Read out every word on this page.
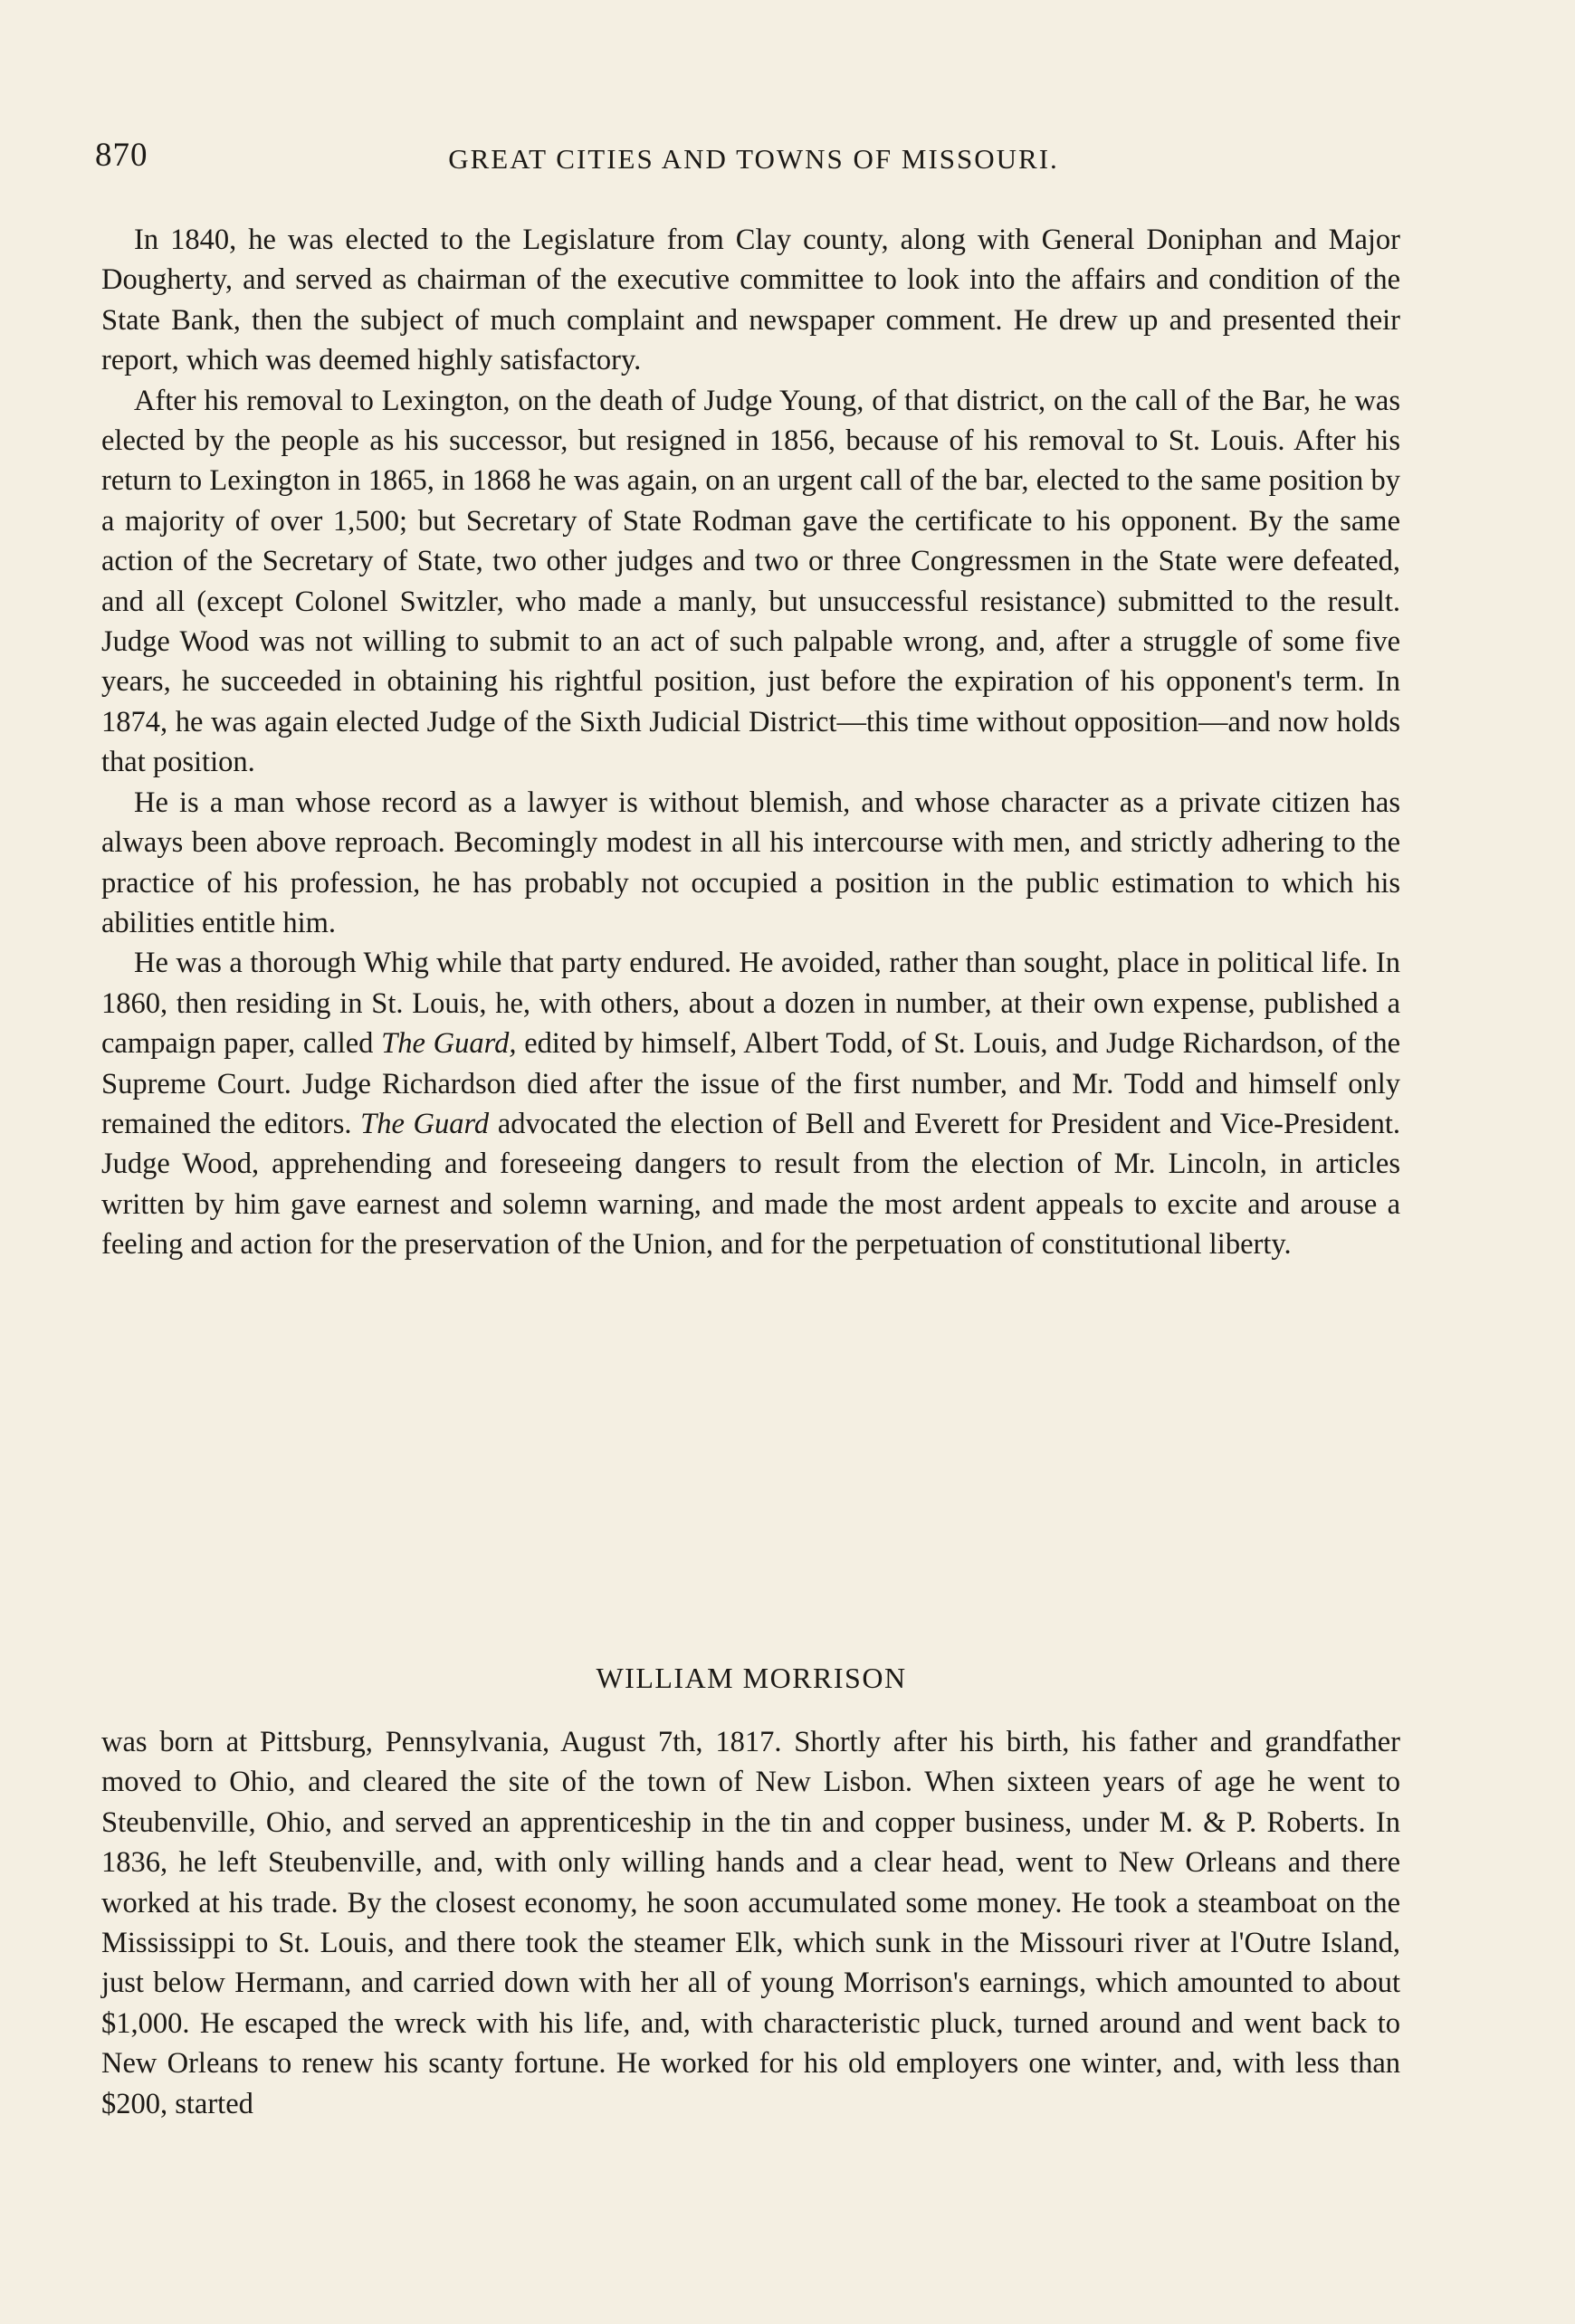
870	GREAT CITIES AND TOWNS OF MISSOURI.

In 1840, he was elected to the Legislature from Clay county, along with General Doniphan and Major Dougherty, and served as chairman of the executive committee to look into the affairs and condition of the State Bank, then the subject of much complaint and newspaper comment. He drew up and presented their report, which was deemed highly satisfactory.

After his removal to Lexington, on the death of Judge Young, of that district, on the call of the Bar, he was elected by the people as his successor, but resigned in 1856, because of his removal to St. Louis. After his return to Lexington in 1865, in 1868 he was again, on an urgent call of the bar, elected to the same position by a majority of over 1,500; but Secretary of State Rodman gave the certificate to his opponent. By the same action of the Secretary of State, two other judges and two or three Congressmen in the State were defeated, and all (except Colonel Switzler, who made a manly, but unsuccessful resistance) submitted to the result. Judge Wood was not willing to submit to an act of such palpable wrong, and, after a struggle of some five years, he succeeded in obtaining his rightful position, just before the expiration of his opponent's term. In 1874, he was again elected Judge of the Sixth Judicial District—this time without opposition—and now holds that position.

He is a man whose record as a lawyer is without blemish, and whose character as a private citizen has always been above reproach. Becomingly modest in all his intercourse with men, and strictly adhering to the practice of his profession, he has probably not occupied a position in the public estimation to which his abilities entitle him.

He was a thorough Whig while that party endured. He avoided, rather than sought, place in political life. In 1860, then residing in St. Louis, he, with others, about a dozen in number, at their own expense, published a campaign paper, called The Guard, edited by himself, Albert Todd, of St. Louis, and Judge Richardson, of the Supreme Court. Judge Richardson died after the issue of the first number, and Mr. Todd and himself only remained the editors. The Guard advocated the election of Bell and Everett for President and Vice-President. Judge Wood, apprehending and foreseeing dangers to result from the election of Mr. Lincoln, in articles written by him gave earnest and solemn warning, and made the most ardent appeals to excite and arouse a feeling and action for the preservation of the Union, and for the perpetuation of constitutional liberty.

WILLIAM MORRISON

was born at Pittsburg, Pennsylvania, August 7th, 1817. Shortly after his birth, his father and grandfather moved to Ohio, and cleared the site of the town of New Lisbon. When sixteen years of age he went to Steubenville, Ohio, and served an apprenticeship in the tin and copper business, under M. & P. Roberts. In 1836, he left Steubenville, and, with only willing hands and a clear head, went to New Orleans and there worked at his trade. By the closest economy, he soon accumulated some money. He took a steamboat on the Mississippi to St. Louis, and there took the steamer Elk, which sunk in the Missouri river at l'Outre Island, just below Hermann, and carried down with her all of young Morrison's earnings, which amounted to about $1,000. He escaped the wreck with his life, and, with characteristic pluck, turned around and went back to New Orleans to renew his scanty fortune. He worked for his old employers one winter, and, with less than $200, started
